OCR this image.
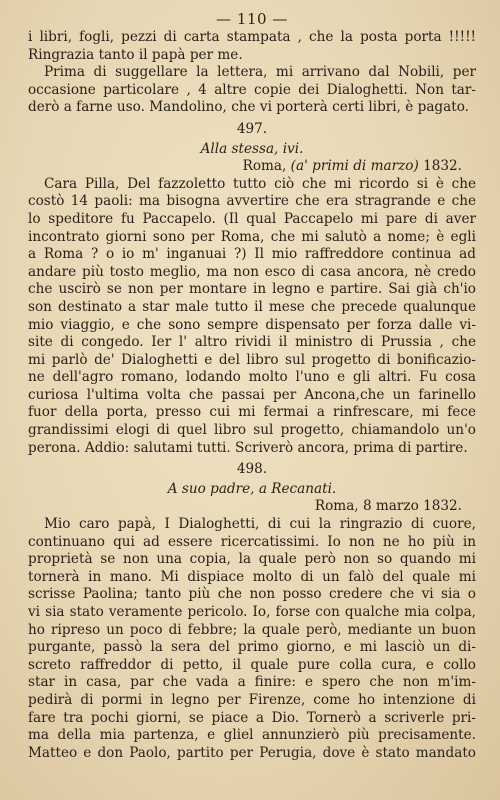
— 110 —
i libri, fogli, pezzi di carta stampata , che la posta porta !!!!!
Ringrazia tanto il papà per me.
Prima di suggellare la lettera, mi arrivano dal Nobili, per
occasione particolare , 4 altre copie dei Dialoghetti. Non tar-
derò a farne uso. Mandolino, che vi porterà certi libri, è pagato.
497.
Alla stessa, ivi.
Roma, (a' primi di marzo) 1832.
Cara Pilla, Del fazzoletto tutto ciò che mi ricordo si è che
costò 14 paoli: ma bisogna avvertire che era stragrande e che
lo speditore fu Paccapelo. (Il qual Paccapelo mi pare di aver
incontrato giorni sono per Roma, che mi salutò a nome; è egli
a Roma ? o io m' inganuai ?) Il mio raffreddore continua ad
andare più tosto meglio, ma non esco di casa ancora, nè credo
che uscirò se non per montare in legno e partire. Sai già ch'io
son destinato a star male tutto il mese che precede qualunque
mio viaggio, e che sono sempre dispensato per forza dalle vi-
site di congedo. Ier l' altro rividi il ministro di Prussia , che
mi parlò de' Dialoghetti e del libro sul progetto di bonificazio-
ne dell'agro romano, lodando molto l'uno e gli altri. Fu cosa
curiosa l'ultima volta che passai per Ancona,che un farinello
fuor della porta, presso cui mi fermai a rinfrescare, mi fece
grandissimi elogi di quel libro sul progetto, chiamandolo un'o
perona. Addio: salutami tutti. Scriverò ancora, prima di partire.
498.
A suo padre, a Recanati.
Roma, 8 marzo 1832.
Mio caro papà, I Dialoghetti, di cui la ringrazio di cuore,
continuano qui ad essere ricercatissimi. Io non ne ho più in
proprietà se non una copia, la quale però non so quando mi
tornerà in mano. Mi dispiace molto di un falò del quale mi
scrisse Paolina; tanto più che non posso credere che vi sia o
vi sia stato veramente pericolo. Io, forse con qualche mia colpa,
ho ripreso un poco di febbre; la quale però, mediante un buon
purgante, passò la sera del primo giorno, e mi lasciò un di-
screto raffreddor di petto, il quale pure colla cura, e collo
star in casa, par che vada a finire: e spero che non m'im-
pedirà di pormi in legno per Firenze, come ho intenzione di
fare tra pochi giorni, se piace a Dio. Tornerò a scriverle pri-
ma della mia partenza, e gliel annunzierò più precisamente.
Matteo e don Paolo, partito per Perugia, dove è stato mandato
